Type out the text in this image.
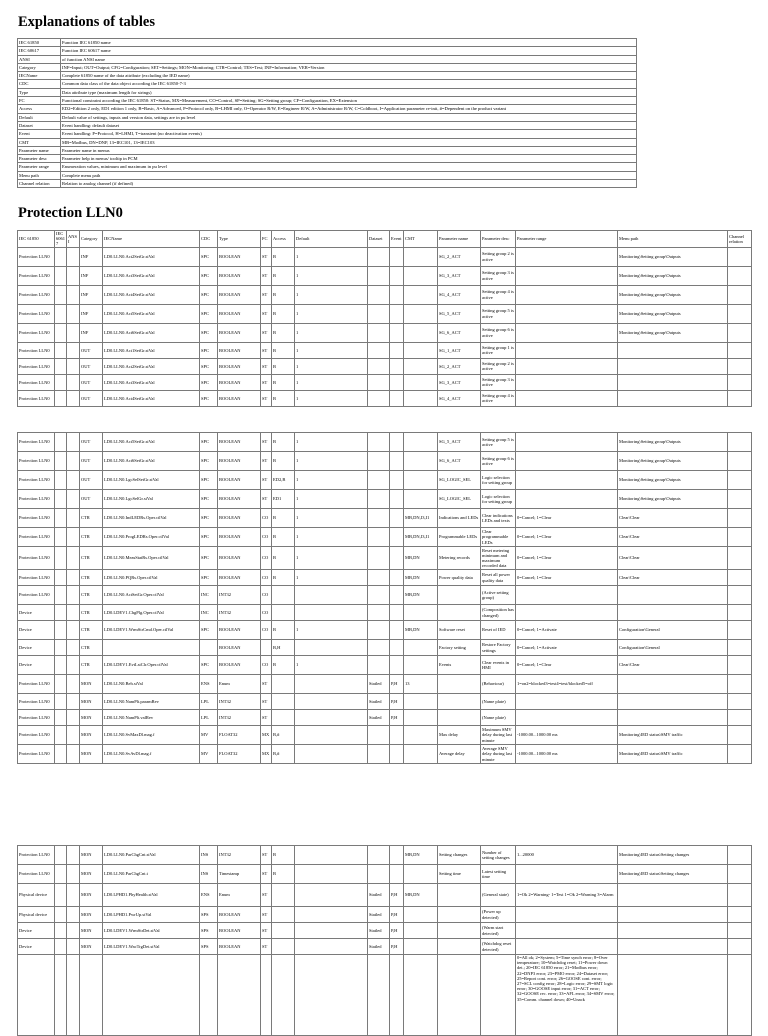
Explanations of tables
IEC 61850	Function IEC 61850 name
IEC 60617	Function IEC 60617 name
ANSI	of function ANSI name
Category	INF=Input; OUT=Output; CFG=Configuration; SET=Settings; MON=Monitoring; CTR=Control; TES=Test; INF=Information; VER=Version
IECName	Complete 61850 name of the data attribute (excluding the IED name)
CDC	Common data class of the data object according the IEC 61850-7-3
Type	Data attribute type (maximum length for strings)
FC	Functional constraint according the IEC 61850: ST=Status, MX=Measurement, CO=Control, SP=Setting; SG=Setting group; CF=Configuration, EX=Extension
Access	ED2=Edition 2 only, ED1 edition 1 only, B=Basic, A=Advanced, P=Protocol only, B=LHMI only, O=Operator R/W, E=Engineer R/W, A=Administrator R/W, C=Coldboot, I=Application parameter re-init, #=Dependent on the product variant
Default	Default value of settings, inputs and version data, settings are in pu level
Dataset	Event handling: default dataset
Event	Event handling: P=Protocol, H=LHMI, T=transient (no deactivation events)
CMT	MB=Modbus, DN=DNP, 13=IEC101, 13=IEC103
Parameter name	Parameter name in menus
Parameter desc	Parameter help in menus/ tooltip in PCM
Parameter range	Enumeration values, minimum and maximum in pu level
Menu path	Complete menu path
Channel relation	Relation to analog channel (if defined)
Protection LLN0
IEC 61850	IEC 60617	ANSI	Category	IECName	CDC	Type	FC	Access	Default	Dataset	Event	CMT	Parameter name	Parameter desc	Parameter range	Menu path	Channel relation
Protection LLN0			INF	LD0.LLN0.Act2SetGr.stVal	SPC	BOOLEAN	ST	B	1				SG_2_ACT	Setting group 2 is active		Monitoring\Setting group\Outputs	
Protection LLN0			INF	LD0.LLN0.Act3SetGr.stVal	SPC	BOOLEAN	ST	B	1				SG_3_ACT	Setting group 3 is active		Monitoring\Setting group\Outputs	
Protection LLN0			INF	LD0.LLN0.Act4SetGr.stVal	SPC	BOOLEAN	ST	B	1				SG_4_ACT	Setting group 4 is active		Monitoring\Setting group\Outputs	
Protection LLN0			INF	LD0.LLN0.Act5SetGr.stVal	SPC	BOOLEAN	ST	B	1				SG_5_ACT	Setting group 5 is active		Monitoring\Setting group\Outputs	
Protection LLN0			INF	LD0.LLN0.Act6SetGr.stVal	SPC	BOOLEAN	ST	B	1				SG_6_ACT	Setting group 6 is active		Monitoring\Setting group\Outputs	
Protection LLN0			OUT	LD0.LLN0.Act1SetGr.stVal	SPC	BOOLEAN	ST	B	1				SG_1_ACT	Setting group 1 is active			
Protection LLN0			OUT	LD0.LLN0.Act2SetGr.stVal	SPC	BOOLEAN	ST	B	1				SG_2_ACT	Setting group 2 is active			
Protection LLN0			OUT	LD0.LLN0.Act3SetGr.stVal	SPC	BOOLEAN	ST	B	1				SG_3_ACT	Setting group 3 is active			
Protection LLN0			OUT	LD0.LLN0.Act4SetGr.stVal	SPC	BOOLEAN	ST	B	1				SG_4_ACT	Setting group 4 is active			
Protection LLN0			OUT	LD0.LLN0.Act5SetGr.stVal	SPC	BOOLEAN	ST	B	1				SG_5_ACT	Setting group 5 is active		Monitoring\Setting group\Outputs	
Protection LLN0			OUT	LD0.LLN0.Act6SetGr.stVal	SPC	BOOLEAN	ST	B	1				SG_6_ACT	Setting group 6 is active		Monitoring\Setting group\Outputs	
Protection LLN0			OUT	LD0.LLN0.LgcSelSetGr.stVal	SPC	BOOLEAN	ST	ED2,B	1				SG_LOGIC_SEL	Logic selection for setting group		Monitoring\Setting group\Outputs	
Protection LLN0			OUT	LD0.LLN0.LgcSelGr.stVal	SPC	BOOLEAN	ST	ED1	1				SG_LOGIC_SEL	Logic selection for setting group		Monitoring\Setting group\Outputs	
Protection LLN0			CTR	LD0.LLN0.IndLEDRs.Oper.ctlVal	SPC	BOOLEAN	CO	B	1			MB,DN,I3,I1	Indications and LEDs	Clear indications LEDs and texts	0=Cancel; 1=Clear	Clear\Clear	
Protection LLN0			CTR	LD0.LLN0.ProgLEDRs.Oper.ctlVal	SPC	BOOLEAN	CO	B	1			MB,DN,I3,I1	Programmable LEDs	Clear programmable LEDs	0=Cancel; 1=Clear	Clear\Clear	
Protection LLN0			CTR	LD0.LLN0.MeasStatRs.Oper.ctlVal	SPC	BOOLEAN	CO	B	1			MB,DN	Metering records	Reset metering minimum and maximum recorded data	0=Cancel; 1=Clear	Clear\Clear	
Protection LLN0			CTR	LD0.LLN0.PQRs.Oper.ctlVal	SPC	BOOLEAN	CO	B	1			MB,DN	Power quality data	Reset all power quality data	0=Cancel; 1=Clear	Clear\Clear	
Protection LLN0			CTR	LD0.LLN0.ActSetGr.Oper.ctlVal	INC	INT32	CO					MB,DN		(Active setting group)			
Device			CTR	LD0.LDEV1.ChgPlg.Oper.ctlVal	INC	INT32	CO							(Composition has changed)			
Device			CTR	LD0.LDEV1.WrmStrCmd.Oper.ctlVal	SPC	BOOLEAN	CO	B	1			MB,DN	Software reset	Reset of IED	0=Cancel; 1=Activate	Configuration\General	
Device			CTR			BOOLEAN		B,H					Factory setting	Restore Factory settings	0=Cancel; 1=Activate	Configuration\General	
Device			CTR	LD0.LDEV1.EvtLstClr.Oper.ctlVal	SPC	BOOLEAN	CO	B	1				Events	Clear events in HMI	0=Cancel; 1=Clear	Clear\Clear	
Protection LLN0			MON	LD0.LLN0.Beh.stVal	ENS	Enum	ST			Statled	P,H	13		(Behaviour)	1=on2=blocked3=test4=test/blocked5=off		
Protection LLN0			MON	LD0.LLN0.NamPlt.paramRev	LPL	INT32	ST			Statled	P,H			(Name plate)			
Protection LLN0			MON	LD0.LLN0.NamPlt.valRev	LPL	INT32	ST			Statled	P,H			(Name plate)			
Protection LLN0			MON	LD0.LLN0.SvMaxDl.mag.f	MV	FLOAT32	MX	B,#					Max delay	Maximum SMV delay during last minute	-1000.00...1000.00 ms	Monitoring\IED status\SMV traffic	
Protection LLN0			MON	LD0.LLN0.SvAvDl.mag.f	MV	FLOAT32	MX	B,#					Average delay	Average SMV delay during last minute	-1000.00...1000.00 ms	Monitoring\IED status\SMV traffic	
Protection LLN0			MON	LD0.LLN0.ParChgCnt.stVal	INS	INT32	ST	B				MB,DN	Setting changes	Number of setting changes	1...20000	Monitoring\IED status\Setting changes	
Protection LLN0			MON	LD0.LLN0.ParChgCnt.t	INS	Timestamp	ST	B					Setting time	Latest setting time		Monitoring\IED status\Setting changes	
Physical device			MON	LD0.LPHD1.PhyHealth.stVal	ENS	Enum	ST			Statled	P,H	MB,DN		(General state)	1=Ok 2=Warning- 1=Test 1=Ok 2=Warning 3=Alarm		
Physical device			MON	LD0.LPHD1.PwrUp.stVal	SPS	BOOLEAN	ST			Statled	P,H			(Power up detected)			
Device			MON	LD0.LDEV1.WrmStrDet.stVal	SPS	BOOLEAN	ST			Statled	P,H			(Warm start detected)			
Device			MON	LD0.LDEV1.WacTrgDet.stVal	SPS	BOOLEAN	ST			Statled	P,H			(Watchdog reset detected)			
															0=All ok; 2=System; 5=Time synch error; 8=Over temperature; 10=Watchdog reset; 11=Power down det.; 20=IEC 61850 error; 21=Modbus error; 22=DNP3 error; 23=PMO error; 24=Dataset error; 25=Report cont. error; 26=GOOSE cont. error; 27=SCL config error; 28=Logic error; 29=SMT logic error; 30=GOOSE input error; 31=ACT error; 32=GOOSE rec. error; 33=AFL error; 34=SMV error; 35=Comm. channel down; 40=Unack		
